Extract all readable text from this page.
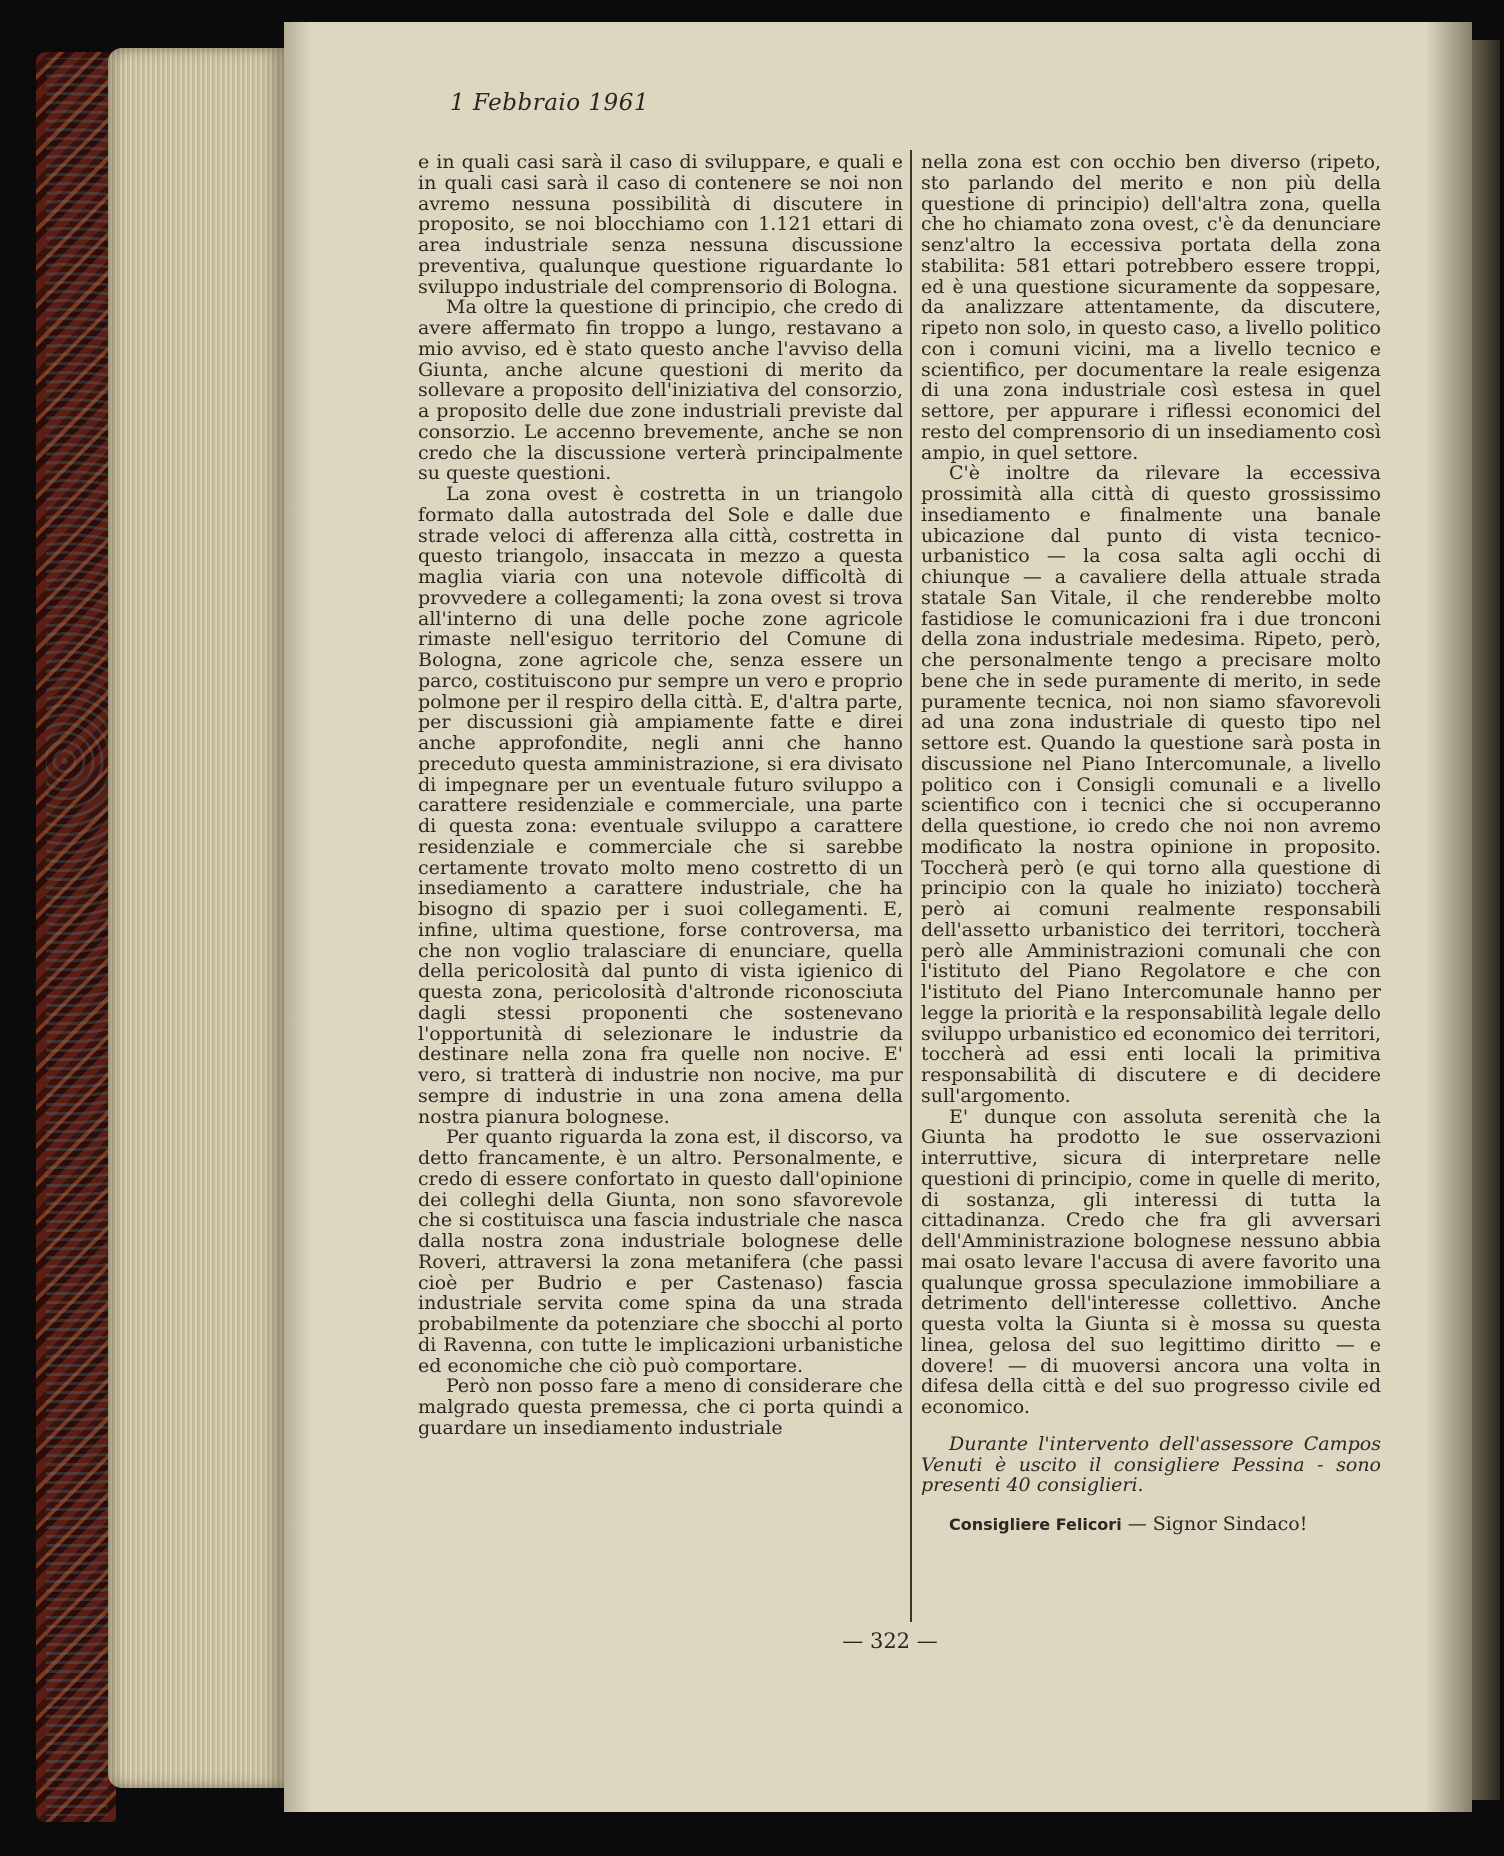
1 Febbraio 1961

e in quali casi sarà il caso di sviluppare, e quali e in quali casi sarà il caso di contenere se noi non avremo nessuna possibilità di discutere in proposito, se noi blocchiamo con 1.121 ettari di area industriale senza nessuna discussione preventiva, qualunque questione riguardante lo sviluppo industriale del comprensorio di Bologna.

Ma oltre la questione di principio, che credo di avere affermato fin troppo a lungo, restavano a mio avviso, ed è stato questo anche l'avviso della Giunta, anche alcune questioni di merito da sollevare a proposito dell'iniziativa del consorzio, a proposito delle due zone industriali previste dal consorzio. Le accenno brevemente, anche se non credo che la discussione verterà principalmente su queste questioni.

La zona ovest è costretta in un triangolo formato dalla autostrada del Sole e dalle due strade veloci di afferenza alla città, costretta in questo triangolo, insaccata in mezzo a questa maglia viaria con una notevole difficoltà di provvedere a collegamenti; la zona ovest si trova all'interno di una delle poche zone agricole rimaste nell'esiguo territorio del Comune di Bologna, zone agricole che, senza essere un parco, costituiscono pur sempre un vero e proprio polmone per il respiro della città. E, d'altra parte, per discussioni già ampiamente fatte e direi anche approfondite, negli anni che hanno preceduto questa amministrazione, si era divisato di impegnare per un eventuale futuro sviluppo a carattere residenziale e commerciale, una parte di questa zona: eventuale sviluppo a carattere residenziale e commerciale che si sarebbe certamente trovato molto meno costretto di un insediamento a carattere industriale, che ha bisogno di spazio per i suoi collegamenti. E, infine, ultima questione, forse controversa, ma che non voglio tralasciare di enunciare, quella della pericolosità dal punto di vista igienico di questa zona, pericolosità d'altronde riconosciuta dagli stessi proponenti che sostenevano l'opportunità di selezionare le industrie da destinare nella zona fra quelle non nocive. E' vero, si tratterà di industrie non nocive, ma pur sempre di industrie in una zona amena della nostra pianura bolognese.

Per quanto riguarda la zona est, il discorso, va detto francamente, è un altro. Personalmente, e credo di essere confortato in questo dall'opinione dei colleghi della Giunta, non sono sfavorevole che si costituisca una fascia industriale che nasca dalla nostra zona industriale bolognese delle Roveri, attraversi la zona metanifera (che passi cioè per Budrio e per Castenaso) fascia industriale servita come spina da una strada probabilmente da potenziare che sbocchi al porto di Ravenna, con tutte le implicazioni urbanistiche ed economiche che ciò può comportare.

Però non posso fare a meno di considerare che malgrado questa premessa, che ci porta quindi a guardare un insediamento industriale

nella zona est con occhio ben diverso (ripeto, sto parlando del merito e non più della questione di principio) dell'altra zona, quella che ho chiamato zona ovest, c'è da denunciare senz'altro la eccessiva portata della zona stabilita: 581 ettari potrebbero essere troppi, ed è una questione sicuramente da soppesare, da analizzare attentamente, da discutere, ripeto non solo, in questo caso, a livello politico con i comuni vicini, ma a livello tecnico e scientifico, per documentare la reale esigenza di una zona industriale così estesa in quel settore, per appurare i riflessi economici del resto del comprensorio di un insediamento così ampio, in quel settore.

C'è inoltre da rilevare la eccessiva prossimità alla città di questo grossissimo insediamento e finalmente una banale ubicazione dal punto di vista tecnico-urbanistico — la cosa salta agli occhi di chiunque — a cavaliere della attuale strada statale San Vitale, il che renderebbe molto fastidiose le comunicazioni fra i due tronconi della zona industriale medesima. Ripeto, però, che personalmente tengo a precisare molto bene che in sede puramente di merito, in sede puramente tecnica, noi non siamo sfavorevoli ad una zona industriale di questo tipo nel settore est. Quando la questione sarà posta in discussione nel Piano Intercomunale, a livello politico con i Consigli comunali e a livello scientifico con i tecnici che si occuperanno della questione, io credo che noi non avremo modificato la nostra opinione in proposito. Toccherà però (e qui torno alla questione di principio con la quale ho iniziato) toccherà però ai comuni realmente responsabili dell'assetto urbanistico dei territori, toccherà però alle Amministrazioni comunali che con l'istituto del Piano Regolatore e che con l'istituto del Piano Intercomunale hanno per legge la priorità e la responsabilità legale dello sviluppo urbanistico ed economico dei territori, toccherà ad essi enti locali la primitiva responsabilità di discutere e di decidere sull'argomento.

E' dunque con assoluta serenità che la Giunta ha prodotto le sue osservazioni interruttive, sicura di interpretare nelle questioni di principio, come in quelle di merito, di sostanza, gli interessi di tutta la cittadinanza. Credo che fra gli avversari dell'Amministrazione bolognese nessuno abbia mai osato levare l'accusa di avere favorito una qualunque grossa speculazione immobiliare a detrimento dell'interesse collettivo. Anche questa volta la Giunta si è mossa su questa linea, gelosa del suo legittimo diritto — e dovere! — di muoversi ancora una volta in difesa della città e del suo progresso civile ed economico.

Durante l'intervento dell'assessore Campos Venuti è uscito il consigliere Pessina - sono presenti 40 consiglieri.

Consigliere Felicori — Signor Sindaco!

— 322 —
